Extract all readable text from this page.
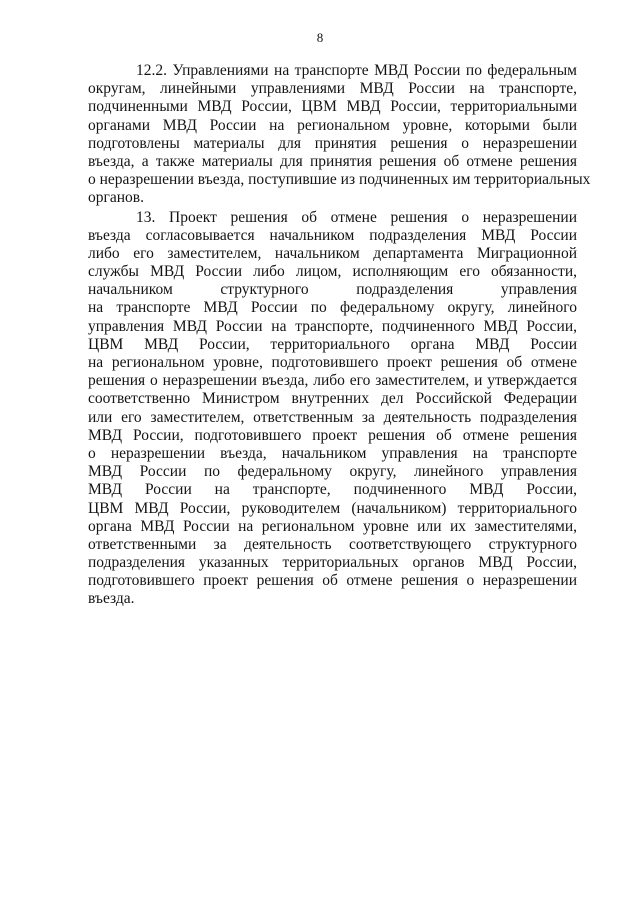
8

12.2. Управлениями на транспорте МВД России по федеральным
округам, линейными управлениями МВД России на транспорте,
подчиненными МВД России, ЦВМ МВД России, территориальными
органами МВД России на региональном уровне, которыми были
подготовлены материалы для принятия решения о неразрешении
въезда, а также материалы для принятия решения об отмене решения
о неразрешении въезда, поступившие из подчиненных им территориальных
органов.

13. Проект решения об отмене решения о неразрешении
въезда согласовывается начальником подразделения МВД России
либо его заместителем, начальником департамента Миграционной
службы МВД России либо лицом, исполняющим его обязанности,
начальником структурного подразделения управления
на транспорте МВД России по федеральному округу, линейного
управления МВД России на транспорте, подчиненного МВД России,
ЦВМ МВД России, территориального органа МВД России
на региональном уровне, подготовившего проект решения об отмене
решения о неразрешении въезда, либо его заместителем, и утверждается
соответственно Министром внутренних дел Российской Федерации
или его заместителем, ответственным за деятельность подразделения
МВД России, подготовившего проект решения об отмене решения
о неразрешении въезда, начальником управления на транспорте
МВД России по федеральному округу, линейного управления
МВД России на транспорте, подчиненного МВД России,
ЦВМ МВД России, руководителем (начальником) территориального
органа МВД России на региональном уровне или их заместителями,
ответственными за деятельность соответствующего структурного
подразделения указанных территориальных органов МВД России,
подготовившего проект решения об отмене решения о неразрешении
въезда.
